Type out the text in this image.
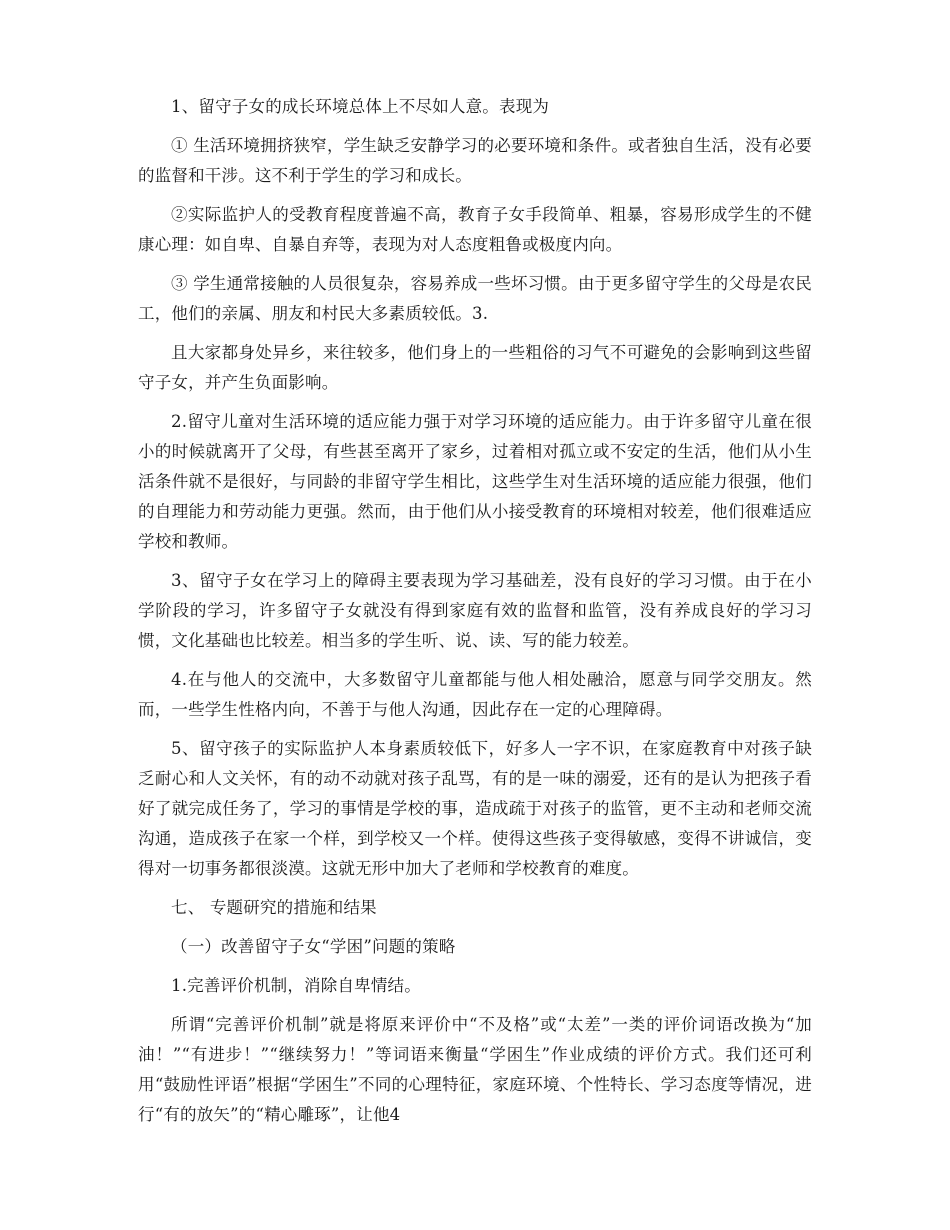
1、留守子女的成长环境总体上不尽如人意。表现为

① 生活环境拥挤狭窄，学生缺乏安静学习的必要环境和条件。或者独自生活，没有必要的监督和干涉。这不利于学生的学习和成长。

②实际监护人的受教育程度普遍不高，教育子女手段简单、粗暴，容易形成学生的不健康心理：如自卑、自暴自弃等，表现为对人态度粗鲁或极度内向。

③ 学生通常接触的人员很复杂，容易养成一些坏习惯。由于更多留守学生的父母是农民工，他们的亲属、朋友和村民大多素质较低。3.

且大家都身处异乡，来往较多，他们身上的一些粗俗的习气不可避免的会影响到这些留守子女，并产生负面影响。

2.留守儿童对生活环境的适应能力强于对学习环境的适应能力。由于许多留守儿童在很小的时候就离开了父母，有些甚至离开了家乡，过着相对孤立或不安定的生活，他们从小生活条件就不是很好，与同龄的非留守学生相比，这些学生对生活环境的适应能力很强，他们的自理能力和劳动能力更强。然而，由于他们从小接受教育的环境相对较差，他们很难适应学校和教师。

3、留守子女在学习上的障碍主要表现为学习基础差，没有良好的学习习惯。由于在小学阶段的学习，许多留守子女就没有得到家庭有效的监督和监管，没有养成良好的学习习惯，文化基础也比较差。相当多的学生听、说、读、写的能力较差。

4.在与他人的交流中，大多数留守儿童都能与他人相处融洽，愿意与同学交朋友。然而，一些学生性格内向，不善于与他人沟通，因此存在一定的心理障碍。

5、留守孩子的实际监护人本身素质较低下，好多人一字不识，在家庭教育中对孩子缺乏耐心和人文关怀，有的动不动就对孩子乱骂，有的是一味的溺爱，还有的是认为把孩子看好了就完成任务了，学习的事情是学校的事，造成疏于对孩子的监管，更不主动和老师交流沟通，造成孩子在家一个样，到学校又一个样。使得这些孩子变得敏感，变得不讲诚信，变得对一切事务都很淡漠。这就无形中加大了老师和学校教育的难度。

七、 专题研究的措施和结果

（一）改善留守子女“学困”问题的策略

1.完善评价机制，消除自卑情结。

所谓“完善评价机制”就是将原来评价中“不及格”或“太差”一类的评价词语改换为“加油！”“有进步！”“继续努力！”等词语来衡量“学困生”作业成绩的评价方式。我们还可利用“鼓励性评语”根据“学困生”不同的心理特征，家庭环境、个性特长、学习态度等情况，进行“有的放矢”的“精心雕琢”，让他4
